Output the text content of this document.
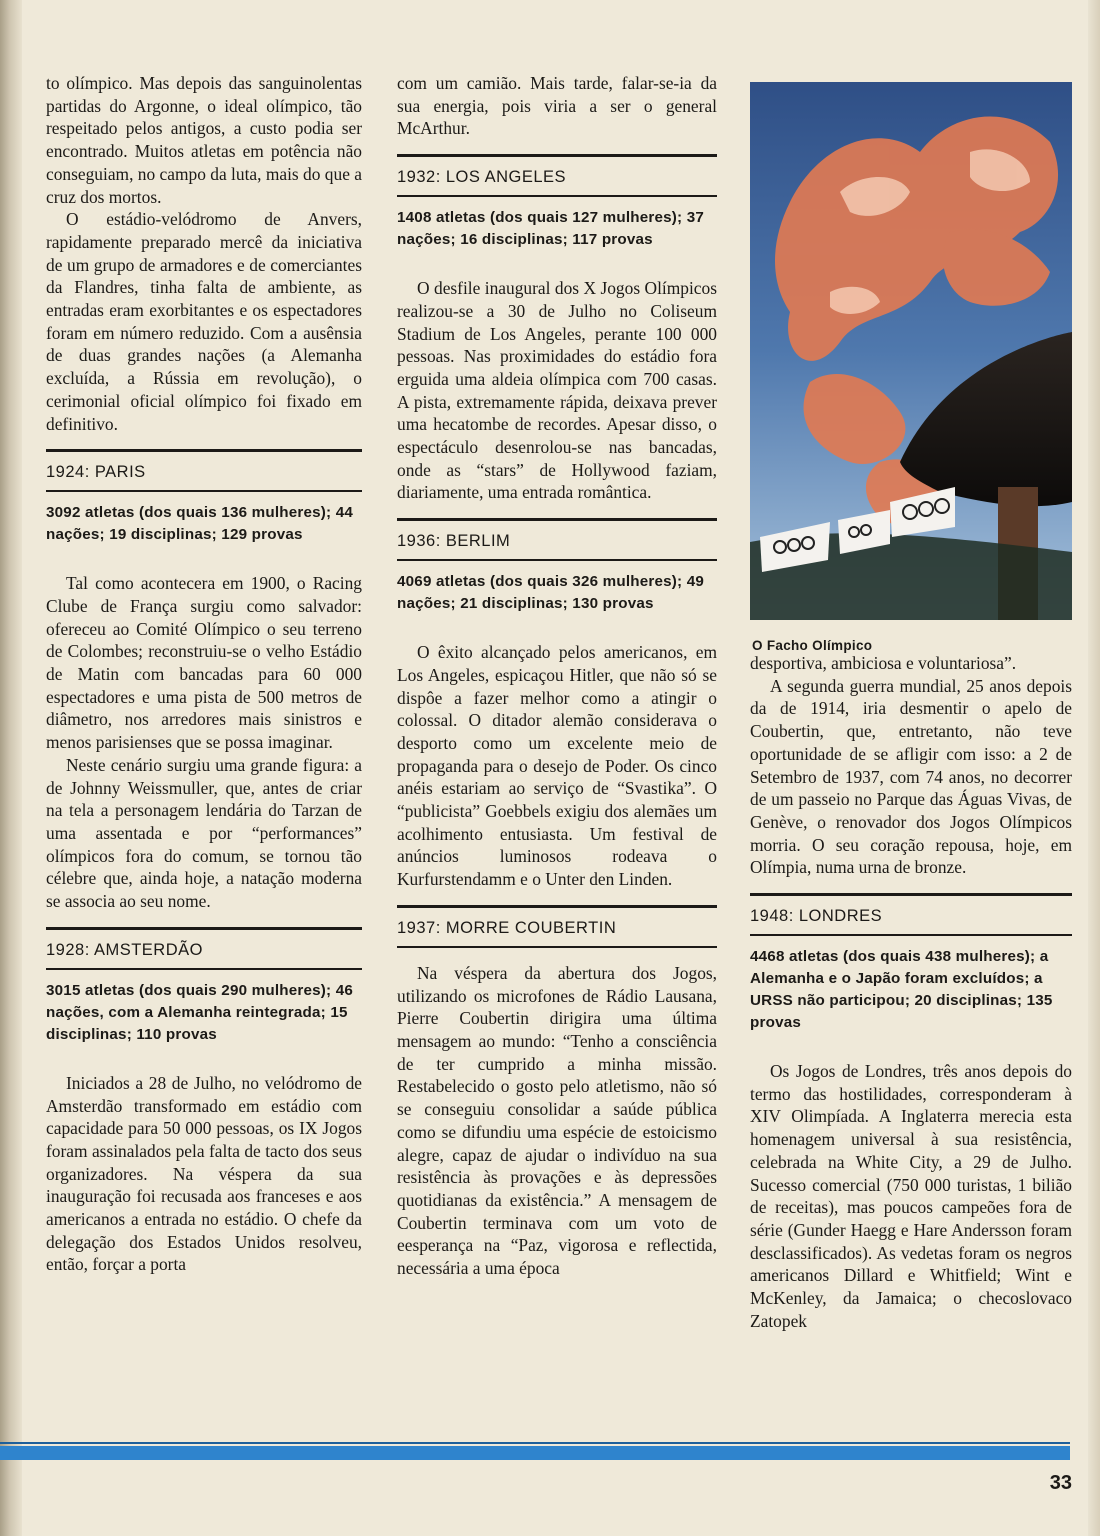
to olímpico. Mas depois das sanguinolentas partidas do Argonne, o ideal olímpico, tão respeitado pelos antigos, a custo podia ser encontrado. Muitos atletas em potência não conseguiam, no campo da luta, mais do que a cruz dos mortos.

O estádio-velódromo de Anvers, rapidamente preparado mercê da iniciativa de um grupo de armadores e de comerciantes da Flandres, tinha falta de ambiente, as entradas eram exorbitantes e os espectadores foram em número reduzido. Com a ausênsia de duas grandes nações (a Alemanha excluída, a Rússia em revolução), o cerimonial oficial olímpico foi fixado em definitivo.

1924: PARIS
3092 atletas (dos quais 136 mulheres); 44 nações; 19 disciplinas; 129 provas

Tal como acontecera em 1900, o Racing Clube de França surgiu como salvador: ofereceu ao Comité Olímpico o seu terreno de Colombes; reconstruiu-se o velho Estádio de Matin com bancadas para 60 000 espectadores e uma pista de 500 metros de diâmetro, nos arredores mais sinistros e menos parisienses que se possa imaginar.

Neste cenário surgiu uma grande figura: a de Johnny Weissmuller, que, antes de criar na tela a personagem lendária do Tarzan de uma assentada e por “performances” olímpicos fora do comum, se tornou tão célebre que, ainda hoje, a natação moderna se associa ao seu nome.

1928: AMSTERDÃO
3015 atletas (dos quais 290 mulheres); 46 nações, com a Alemanha reintegrada; 15 disciplinas; 110 provas

Iniciados a 28 de Julho, no velódromo de Amsterdão transformado em estádio com capacidade para 50 000 pessoas, os IX Jogos foram assinalados pela falta de tacto dos seus organizadores. Na véspera da sua inauguração foi recusada aos franceses e aos americanos a entrada no estádio. O chefe da delegação dos Estados Unidos resolveu, então, forçar a porta

com um camião. Mais tarde, falar-se-ia da sua energia, pois viria a ser o general McArthur.

1932: LOS ANGELES
1408 atletas (dos quais 127 mulheres); 37 nações; 16 disciplinas; 117 provas

O desfile inaugural dos X Jogos Olímpicos realizou-se a 30 de Julho no Coliseum Stadium de Los Angeles, perante 100 000 pessoas. Nas proximidades do estádio fora erguida uma aldeia olímpica com 700 casas. A pista, extremamente rápida, deixava prever uma hecatombe de recordes. Apesar disso, o espectáculo desenrolou-se nas bancadas, onde as “stars” de Hollywood faziam, diariamente, uma entrada romântica.

1936: BERLIM
4069 atletas (dos quais 326 mulheres); 49 nações; 21 disciplinas; 130 provas

O êxito alcançado pelos americanos, em Los Angeles, espicaçou Hitler, que não só se dispôe a fazer melhor como a atingir o colossal. O ditador alemão considerava o desporto como um excelente meio de propaganda para o desejo de Poder. Os cinco anéis estariam ao serviço de “Svastika”. O “publicista” Goebbels exigiu dos alemães um acolhimento entusiasta. Um festival de anúncios luminosos rodeava o Kurfurstendamm e o Unter den Linden.

1937: MORRE COUBERTIN

Na véspera da abertura dos Jogos, utilizando os microfones de Rádio Lausana, Pierre Coubertin dirigira uma última mensagem ao mundo: “Tenho a consciência de ter cumprido a minha missão. Restabelecido o gosto pelo atletismo, não só se conseguiu consolidar a saúde pública como se difundiu uma espécie de estoicismo alegre, capaz de ajudar o indivíduo na sua resistência às provações e às depressões quotidianas da existência.” A mensagem de Coubertin terminava com um voto de eesperança na “Paz, vigorosa e reflectida, necessária a uma época

O Facho Olímpico

desportiva, ambiciosa e voluntariosa”.

A segunda guerra mundial, 25 anos depois da de 1914, iria desmentir o apelo de Coubertin, que, entretanto, não teve oportunidade de se afligir com isso: a 2 de Setembro de 1937, com 74 anos, no decorrer de um passeio no Parque das Águas Vivas, de Genève, o renovador dos Jogos Olímpicos morria. O seu coração repousa, hoje, em Olímpia, numa urna de bronze.

1948: LONDRES
4468 atletas (dos quais 438 mulheres); a Alemanha e o Japão foram excluídos; a URSS não participou; 20 disciplinas; 135 provas

Os Jogos de Londres, três anos depois do termo das hostilidades, corresponderam à XIV Olimpíada. A Inglaterra merecia esta homenagem universal à sua resistência, celebrada na White City, a 29 de Julho. Sucesso comercial (750 000 turistas, 1 bilião de receitas), mas poucos campeões fora de série (Gunder Haegg e Hare Andersson foram desclassificados). As vedetas foram os negros americanos Dillard e Whitfield; Wint e McKenley, da Jamaica; o checoslovaco Zatopek

33
